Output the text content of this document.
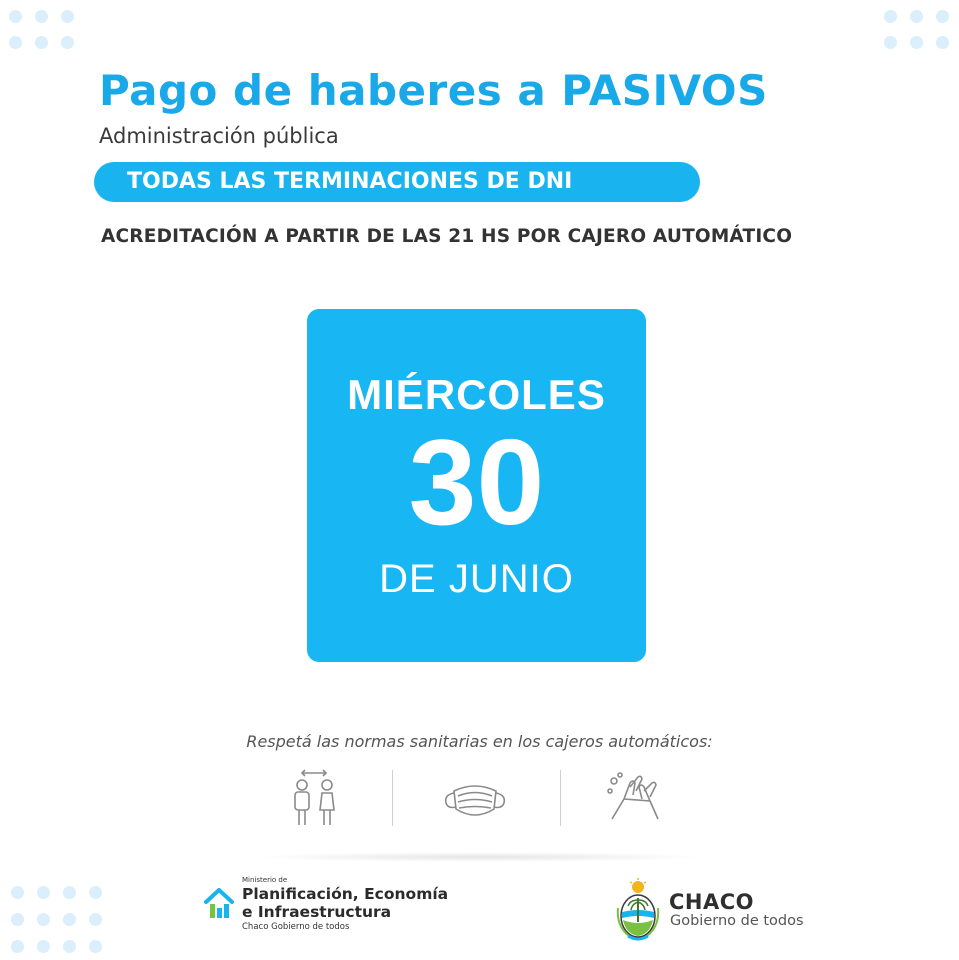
Pago de haberes a PASIVOS
Administración pública
TODAS LAS TERMINACIONES DE DNI
ACREDITACIÓN A PARTIR DE LAS 21 HS POR CAJERO AUTOMÁTICO
MIÉRCOLES
30
DE JUNIO
Respetá las normas sanitarias en los cajeros automáticos:
Ministerio de
Planificación, Economía
e Infraestructura
Chaco Gobierno de todos
CHACO
Gobierno de todos
